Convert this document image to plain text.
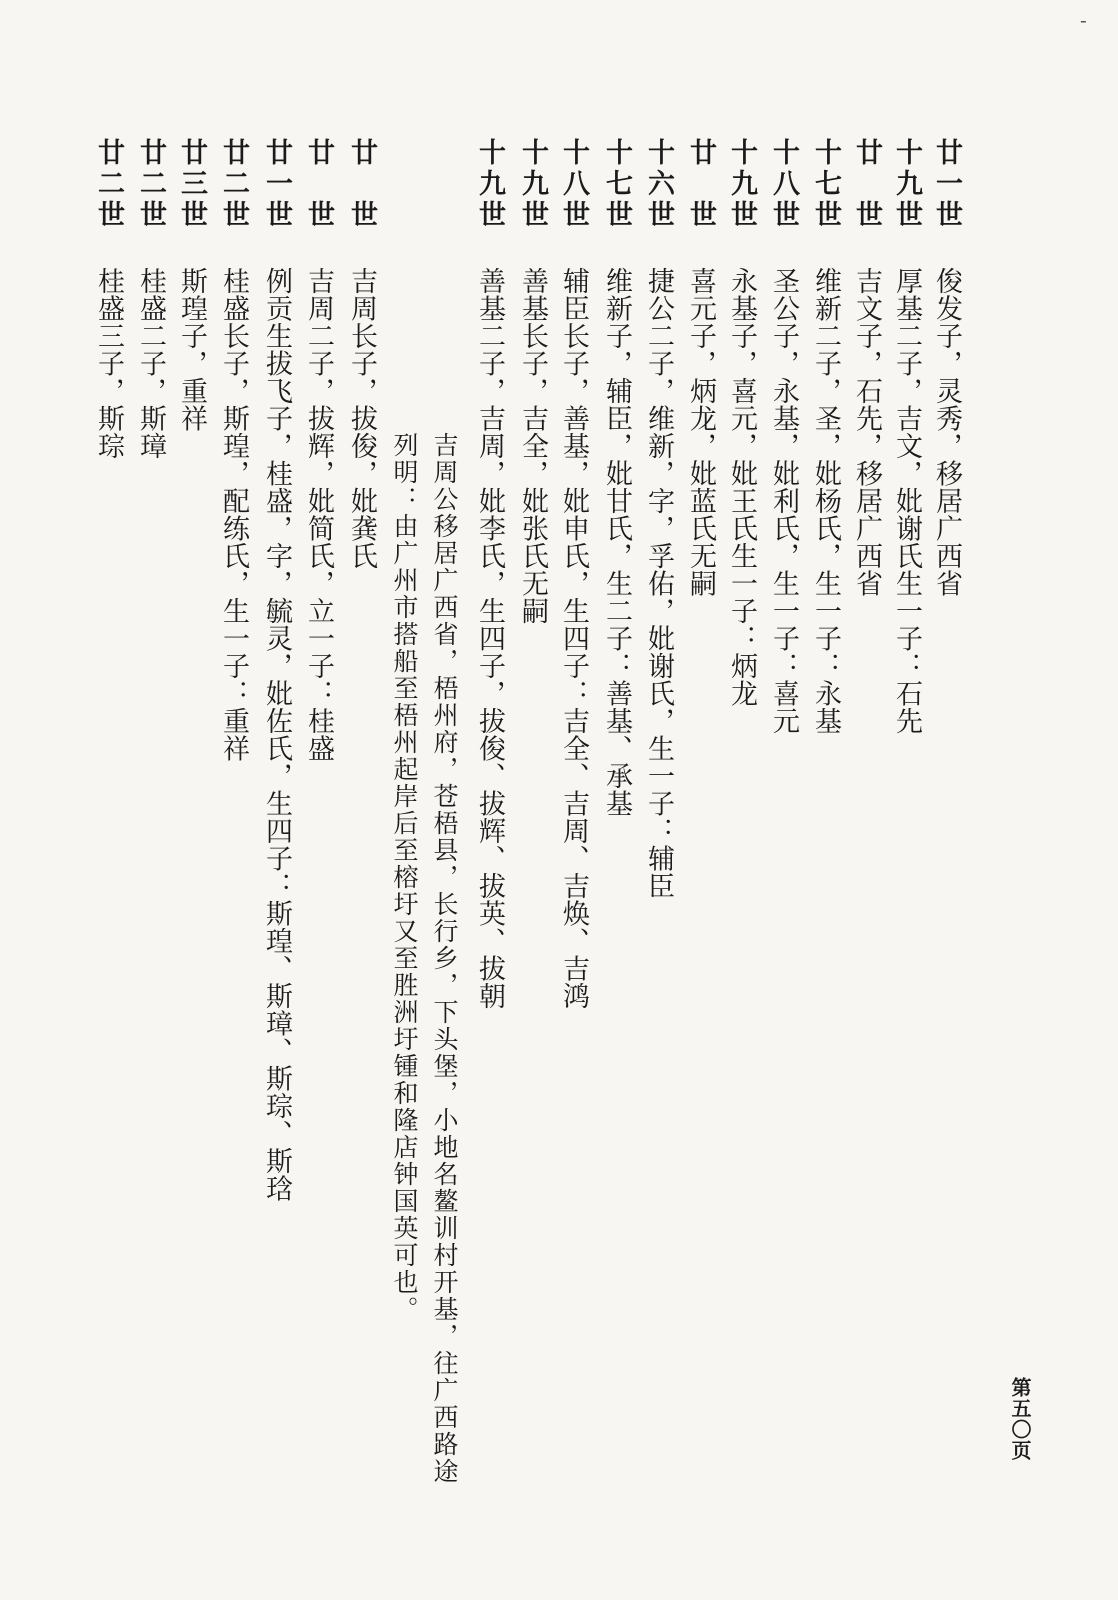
廿一世俊发子，灵秀，移居广西省
十九世厚基二子，吉文，妣谢氏生一子：石先
廿　世吉文子，石先，移居广西省
十七世维新二子，圣，妣杨氏，生一子：永基
十八世圣公子，永基，妣利氏，生一子：喜元
十九世永基子，喜元，妣王氏生一子：炳龙
廿　世喜元子，炳龙，妣蓝氏无嗣
十六世捷公二子，维新，字，孚佑，妣谢氏，生一子：辅臣
十七世维新子，辅臣，妣甘氏，生二子：善基、承基
十八世辅臣长子，善基，妣申氏，生四子：吉全、吉周、吉焕、吉鸿
十九世善基长子，吉全，妣张氏无嗣
十九世善基二子，吉周，妣李氏，生四子，拔俊、拔辉、拔英、拔朝
吉周公移居广西省，梧州府，苍梧县，长行乡，下头堡，小地名鳌训村开基，往广西路途
列明：由广州市搭船至梧州起岸后至榕圩又至胜洲圩锺和隆店钟国英可也。
廿　世吉周长子，拔俊，妣龚氏
廿　世吉周二子，拔辉，妣简氏，立一子：桂盛
廿一世例贡生拔飞子，桂盛，字，毓灵，妣佐氏，生四子：斯瑝、斯璋、斯琮、斯琀
廿二世桂盛长子，斯瑝，配练氏，生一子：重祥
廿三世斯瑝子，重祥
廿二世桂盛二子，斯璋
廿二世桂盛三子，斯琮
第五〇页
‐
